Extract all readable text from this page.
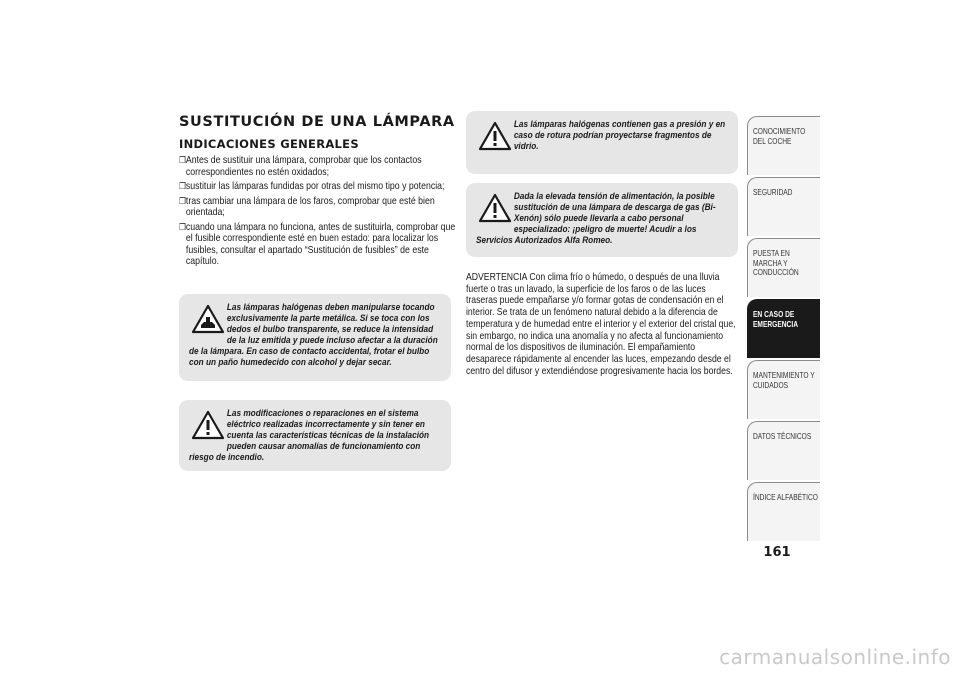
SUSTITUCIÓN DE UNA LÁMPARA
INDICACIONES GENERALES
❒ Antes de sustituir una lámpara, comprobar que los contactos correspondientes no estén oxidados;
❒ sustituir las lámparas fundidas por otras del mismo tipo y potencia;
❒ tras cambiar una lámpara de los faros, comprobar que esté bien orientada;
❒ cuando una lámpara no funciona, antes de sustituirla, comprobar que el fusible correspondiente esté en buen estado: para localizar los fusibles, consultar el apartado “Sustitución de fusibles” de este capítulo.

Las lámparas halógenas deben manipularse tocando exclusivamente la parte metálica. Si se toca con los dedos el bulbo transparente, se reduce la intensidad de la luz emitida y puede incluso afectar a la duración de la lámpara. En caso de contacto accidental, frotar el bulbo con un paño humedecido con alcohol y dejar secar.

Las modificaciones o reparaciones en el sistema eléctrico realizadas incorrectamente y sin tener en cuenta las características técnicas de la instalación pueden causar anomalías de funcionamiento con riesgo de incendio.

Las lámparas halógenas contienen gas a presión y en caso de rotura podrían proyectarse fragmentos de vidrio.

Dada la elevada tensión de alimentación, la posible sustitución de una lámpara de descarga de gas (Bi-Xenón) sólo puede llevarla a cabo personal especializado: ¡peligro de muerte! Acudir a los Servicios Autorizados Alfa Romeo.

ADVERTENCIA Con clima frío o húmedo, o después de una lluvia fuerte o tras un lavado, la superficie de los faros o de las luces traseras puede empañarse y/o formar gotas de condensación en el interior. Se trata de un fenómeno natural debido a la diferencia de temperatura y de humedad entre el interior y el exterior del cristal que, sin embargo, no indica una anomalía y no afecta al funcionamiento normal de los dispositivos de iluminación. El empañamiento desaparece rápidamente al encender las luces, empezando desde el centro del difusor y extendiéndose progresivamente hacia los bordes.

CONOCIMIENTO DEL COCHE
SEGURIDAD
PUESTA EN MARCHA Y CONDUCCIÓN
EN CASO DE EMERGENCIA
MANTENIMIENTO Y CUIDADOS
DATOS TÉCNICOS
ÍNDICE ALFABÉTICO
161
carmanualsonline.info
